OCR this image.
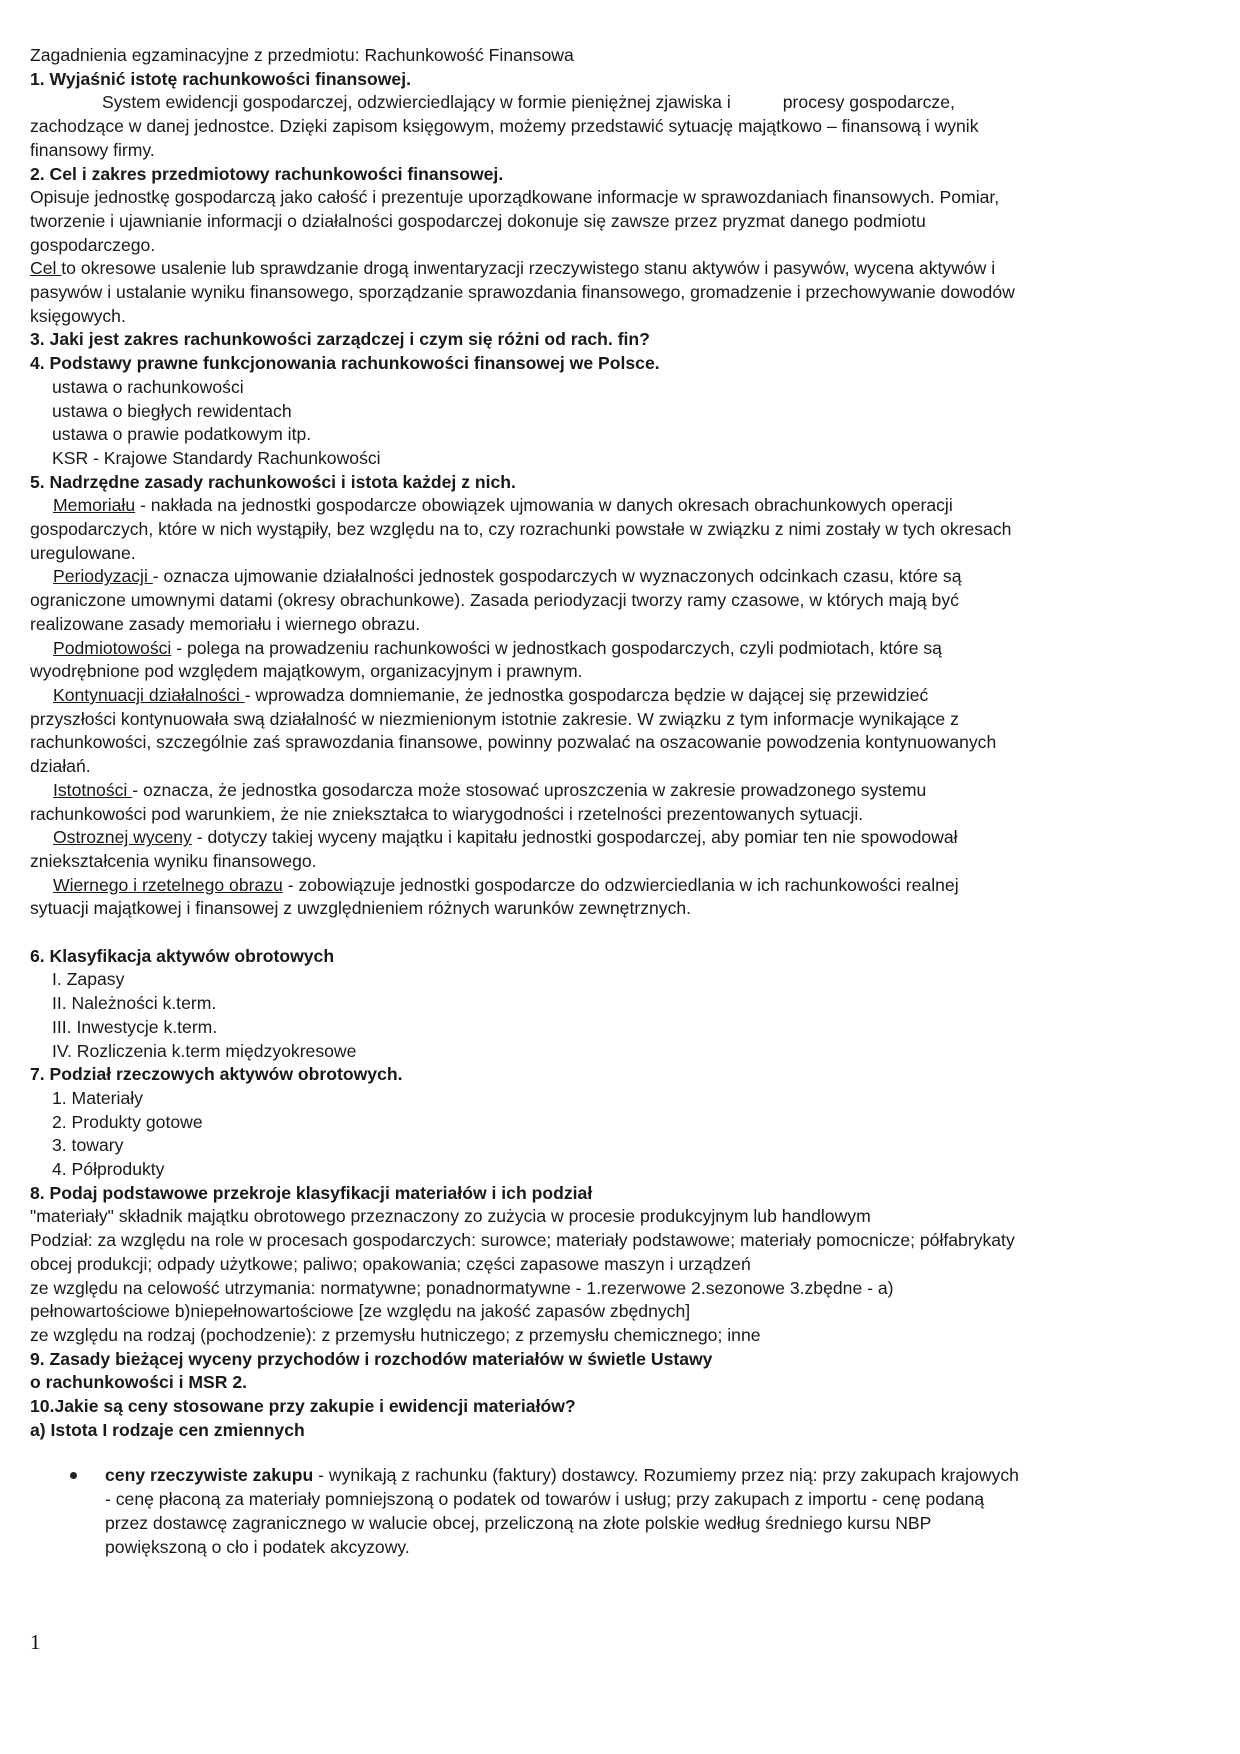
Zagadnienia egzaminacyjne z przedmiotu: Rachunkowość Finansowa
1. Wyjaśnić istotę rachunkowości finansowej.
System ewidencji gospodarczej, odzwierciedlający w formie pieniężnej zjawiska i	procesy gospodarcze,
zachodzące w danej jednostce. Dzięki zapisom księgowym, możemy przedstawić sytuację majątkowo – finansową i wynik
finansowy firmy.
2. Cel i zakres przedmiotowy rachunkowości finansowej.
Opisuje jednostkę gospodarczą jako całość i prezentuje uporządkowane informacje w sprawozdaniach finansowych. Pomiar,
tworzenie i ujawnianie informacji o działalności gospodarczej dokonuje się zawsze przez pryzmat danego podmiotu
gospodarczego.
Cel to okresowe usalenie lub sprawdzanie drogą inwentaryzacji rzeczywistego stanu aktywów i pasywów, wycena aktywów i
pasywów i ustalanie wyniku finansowego, sporządzanie sprawozdania finansowego, gromadzenie i przechowywanie dowodów
księgowych.
3. Jaki jest zakres rachunkowości zarządczej i czym się różni od rach. fin?
4. Podstawy prawne funkcjonowania rachunkowości finansowej we Polsce.
ustawa o rachunkowości
ustawa o biegłych rewidentach
ustawa o prawie podatkowym itp.
KSR - Krajowe Standardy Rachunkowości
5. Nadrzędne zasady rachunkowości i istota każdej z nich.
Memoriału - nakłada na jednostki gospodarcze obowiązek ujmowania w danych okresach obrachunkowych operacji
gospodarczych, które w nich wystąpiły, bez względu na to, czy rozrachunki powstałe w związku z nimi zostały w tych okresach
uregulowane.
Periodyzacji - oznacza ujmowanie działalności jednostek gospodarczych w wyznaczonych odcinkach czasu, które są
ograniczone umownymi datami (okresy obrachunkowe). Zasada periodyzacji tworzy ramy czasowe, w których mają być
realizowane zasady memoriału i wiernego obrazu.
Podmiotowości - polega na prowadzeniu rachunkowości w jednostkach gospodarczych, czyli podmiotach, które są
wyodrębnione pod względem majątkowym, organizacyjnym i prawnym.
Kontynuacji działalności - wprowadza domniemanie, że jednostka gospodarcza będzie w dającej się przewidzieć
przyszłości kontynuowała swą działalność w niezmienionym istotnie zakresie. W związku z tym informacje wynikające z
rachunkowości, szczególnie zaś sprawozdania finansowe, powinny pozwalać na oszacowanie powodzenia kontynuowanych
działań.
Istotności - oznacza, że jednostka gosodarcza może stosować uproszczenia w zakresie prowadzonego systemu
rachunkowości pod warunkiem, że nie zniekształca to wiarygodności i rzetelności prezentowanych sytuacji.
Ostroznej wyceny - dotyczy takiej wyceny majątku i kapitału jednostki gospodarczej, aby pomiar ten nie spowodował
zniekształcenia wyniku finansowego.
Wiernego i rzetelnego obrazu - zobowiązuje jednostki gospodarcze do odzwierciedlania w ich rachunkowości realnej
sytuacji majątkowej i finansowej z uwzględnieniem różnych warunków zewnętrznych.
6. Klasyfikacja aktywów obrotowych
I. Zapasy
II. Należności k.term.
III. Inwestycje k.term.
IV. Rozliczenia k.term międzyokresowe
7. Podział rzeczowych aktywów obrotowych.
1. Materiały
2. Produkty gotowe
3. towary
4. Półprodukty
8. Podaj podstawowe przekroje klasyfikacji materiałów i ich podział
"materiały" składnik majątku obrotowego przeznaczony zo zużycia w procesie produkcyjnym lub handlowym
Podział: za względu na role w procesach gospodarczych: surowce; materiały podstawowe; materiały pomocnicze; półfabrykaty
obcej produkcji; odpady użytkowe; paliwo; opakowania; części zapasowe maszyn i urządzeń
ze względu na celowość utrzymania: normatywne; ponadnormatywne - 1.rezerwowe 2.sezonowe 3.zbędne - a)
pełnowartościowe b)niepełnowartościowe [ze względu na jakość zapasów zbędnych]
ze względu na rodzaj (pochodzenie): z przemysłu hutniczego; z przemysłu chemicznego; inne
9. Zasady bieżącej wyceny przychodów i rozchodów materiałów w świetle Ustawy
o rachunkowości i MSR 2.
10.Jakie są ceny stosowane przy zakupie i ewidencji materiałów?
a) Istota I rodzaje cen zmiennych
ceny rzeczywiste zakupu - wynikają z rachunku (faktury) dostawcy. Rozumiemy przez nią: przy zakupach krajowych
- cenę płaconą za materiały pomniejszoną o podatek od towarów i usług; przy zakupach z importu - cenę podaną
przez dostawcę zagranicznego w walucie obcej, przeliczoną na złote polskie według średniego kursu NBP
powiększoną o cło i podatek akcyzowy.
1
